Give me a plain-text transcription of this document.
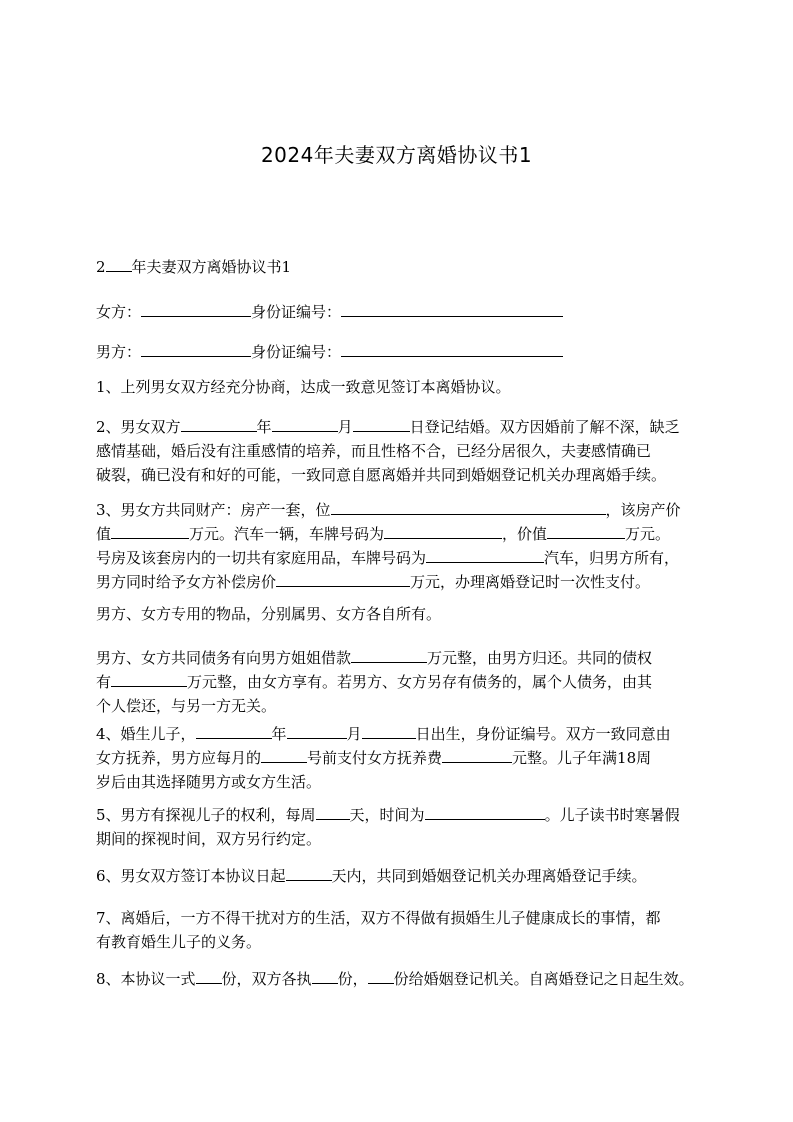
2024年夫妻双方离婚协议书1
2 年夫妻双方离婚协议书1
女方：	身份证编号：
男方：	身份证编号：
1、上列男女双方经充分协商，达成一致意见签订本离婚协议。
2、男女双方	年	月	日登记结婚。双方因婚前了解不深，缺乏
感情基础，婚后没有注重感情的培养，而且性格不合，已经分居很久，夫妻感情确已
破裂，确已没有和好的可能，一致同意自愿离婚并共同到婚姻登记机关办理离婚手续。
3、男女方共同财产：房产一套，位	，该房产价
值	万元。汽车一辆，车牌号码为	，价值	万元。
号房及该套房内的一切共有家庭用品，车牌号码为	汽车，归男方所有，
男方同时给予女方补偿房价	万元，办理离婚登记时一次性支付。
男方、女方专用的物品，分别属男、女方各自所有。
男方、女方共同债务有向男方姐姐借款	万元整，由男方归还。共同的债权
有	万元整，由女方享有。若男方、女方另存有债务的，属个人债务，由其
个人偿还，与另一方无关。
4、婚生儿子，	年	月	日出生，身份证编号。双方一致同意由
女方抚养，男方应每月的	号前支付女方抚养费	元整。儿子年满18周
岁后由其选择随男方或女方生活。
5、男方有探视儿子的权利，每周 天，时间为	。儿子读书时寒暑假
期间的探视时间，双方另行约定。
6、男女双方签订本协议日起	天内，共同到婚姻登记机关办理离婚登记手续。
7、离婚后，一方不得干扰对方的生活，双方不得做有损婚生儿子健康成长的事情，都
有教育婚生儿子的义务。
8、本协议一式 份，双方各执 份， 份给婚姻登记机关。自离婚登记之日起生效。
